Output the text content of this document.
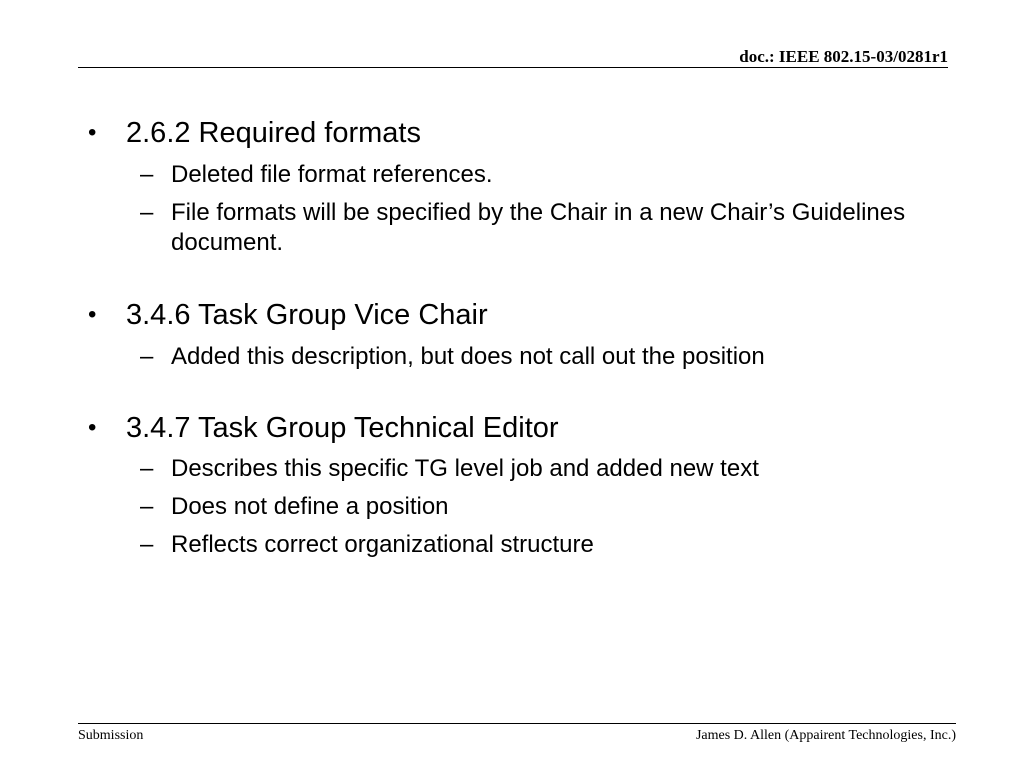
doc.: IEEE 802.15-03/0281r1
• 2.6.2 Required formats
– Deleted file format references.
– File formats will be specified by the Chair in a new Chair’s Guidelines document.
• 3.4.6 Task Group Vice Chair
– Added this description, but does not call out the position
• 3.4.7 Task Group Technical Editor
– Describes this specific TG level job and added new text
– Does not define a position
– Reflects correct organizational structure
Submission	James D. Allen (Appairent Technologies, Inc.)
